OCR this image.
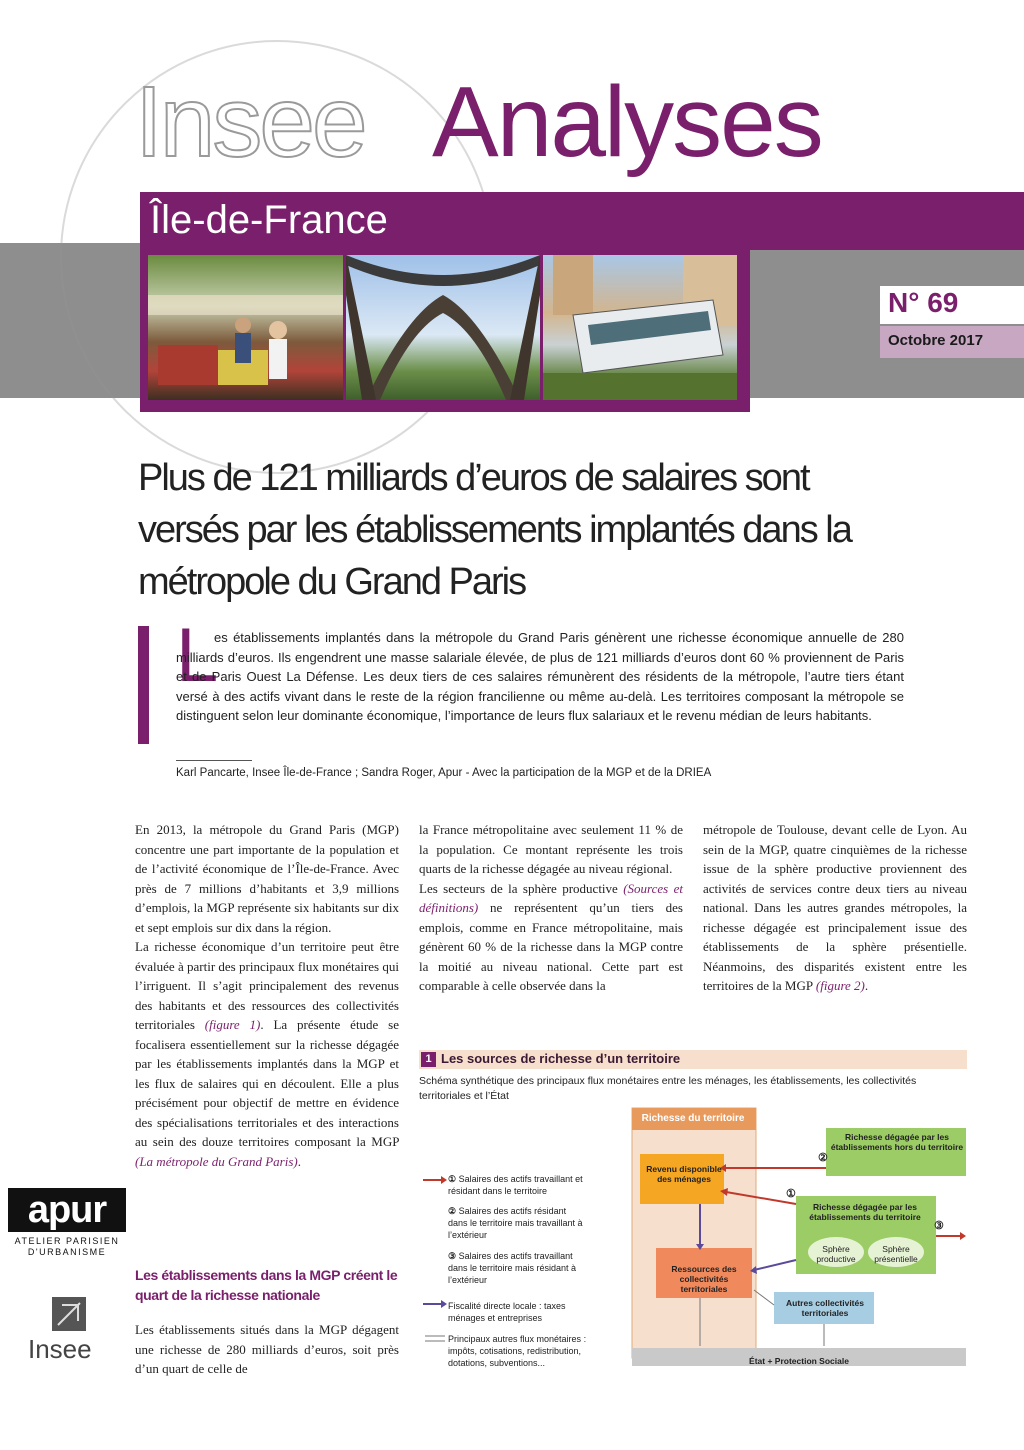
Insee Analyses
Île-de-France
N° 69
Octobre 2017
Plus de 121 milliards d’euros de salaires sont versés par les établissements implantés dans la métropole du Grand Paris
L
es établissements implantés dans la métropole du Grand Paris génèrent une richesse économique annuelle de 280 milliards d’euros. Ils engendrent une masse salariale élevée, de plus de 121 milliards d’euros dont 60 % proviennent de Paris et de Paris Ouest La Défense. Les deux tiers de ces salaires rémunèrent des résidents de la métropole, l’autre tiers étant versé à des actifs vivant dans le reste de la région francilienne ou même au-delà. Les territoires composant la métropole se distinguent selon leur dominante économique, l’importance de leurs flux salariaux et le revenu médian de leurs habitants.
Karl Pancarte, Insee Île-de-France ; Sandra Roger, Apur - Avec la participation de la MGP et de la DRIEA

En 2013, la métropole du Grand Paris (MGP) concentre une part importante de la population et de l’activité économique de l’Île-de-France. Avec près de 7 millions d’habitants et 3,9 millions d’emplois, la MGP représente six habitants sur dix et sept emplois sur dix dans la région.

La richesse économique d’un territoire peut être évaluée à partir des principaux flux monétaires qui l’irriguent. Il s’agit principalement des revenus des habitants et des ressources des collectivités territoriales (figure 1). La présente étude se focalisera essentiellement sur la richesse dégagée par les établissements implantés dans la MGP et les flux de salaires qui en découlent. Elle a plus précisément pour objectif de mettre en évidence des spécialisations territoriales et des interactions au sein des douze territoires composant la MGP (La métropole du Grand Paris).

Les établissements dans la MGP créent le quart de la richesse nationale
Les établissements situés dans la MGP dégagent une richesse de 280 milliards d’euros, soit près d’un quart de celle de

la France métropolitaine avec seulement 11 % de la population. Ce montant représente les trois quarts de la richesse dégagée au niveau régional.

Les secteurs de la sphère productive (Sources et définitions) ne représentent qu’un tiers des emplois, comme en France métropolitaine, mais génèrent 60 % de la richesse dans la MGP contre la moitié au niveau national. Cette part est comparable à celle observée dans la

métropole de Toulouse, devant celle de Lyon. Au sein de la MGP, quatre cinquièmes de la richesse issue de la sphère productive proviennent des activités de services contre deux tiers au niveau national. Dans les autres grandes métropoles, la richesse dégagée est principalement issue des établissements de la sphère présentielle. Néanmoins, des disparités existent entre les territoires de la MGP (figure 2).

apur
ATELIER PARISIEN
D'URBANISME
Insee
1 Les sources de richesse d’un territoire
Schéma synthétique des principaux flux monétaires entre les ménages, les établissements, les collectivités territoriales et l’État
① Salaires des actifs travaillant et résidant dans le territoire
② Salaires des actifs résidant dans le territoire mais travaillant à l’extérieur
③ Salaires des actifs travaillant dans le territoire mais résidant à l’extérieur
Fiscalité directe locale : taxes ménages et entreprises
Principaux autres flux monétaires : impôts, cotisations, redistribution, dotations, subventions...
Richesse du territoire
Revenu disponible des ménages
Ressources des collectivités territoriales
Richesse dégagée par les établissements hors du territoire
Richesse dégagée par les établissements du territoire
Sphère productive
Sphère présentielle
Autres collectivités territoriales
État + Protection Sociale
②
①
③
